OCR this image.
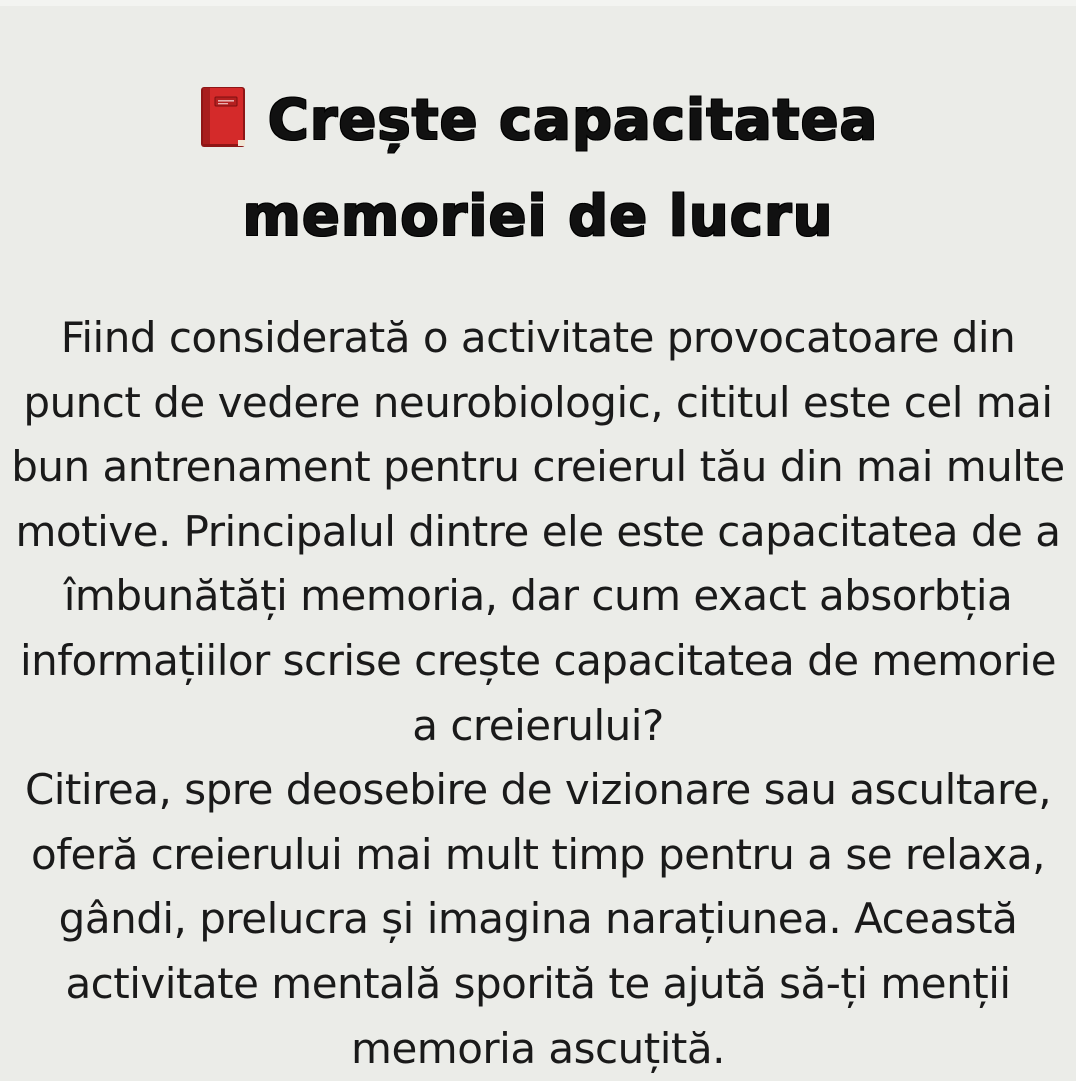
Crește capacitatea
memoriei de lucru
Fiind considerată o activitate provocatoare din
punct de vedere neurobiologic, cititul este cel mai
bun antrenament pentru creierul tău din mai multe
motive. Principalul dintre ele este capacitatea de a
îmbunătăți memoria, dar cum exact absorbția
informațiilor scrise crește capacitatea de memorie
a creierului?
Citirea, spre deosebire de vizionare sau ascultare,
oferă creierului mai mult timp pentru a se relaxa,
gândi, prelucra și imagina narațiunea. Această
activitate mentală sporită te ajută să-ți menții
memoria ascuțită.
